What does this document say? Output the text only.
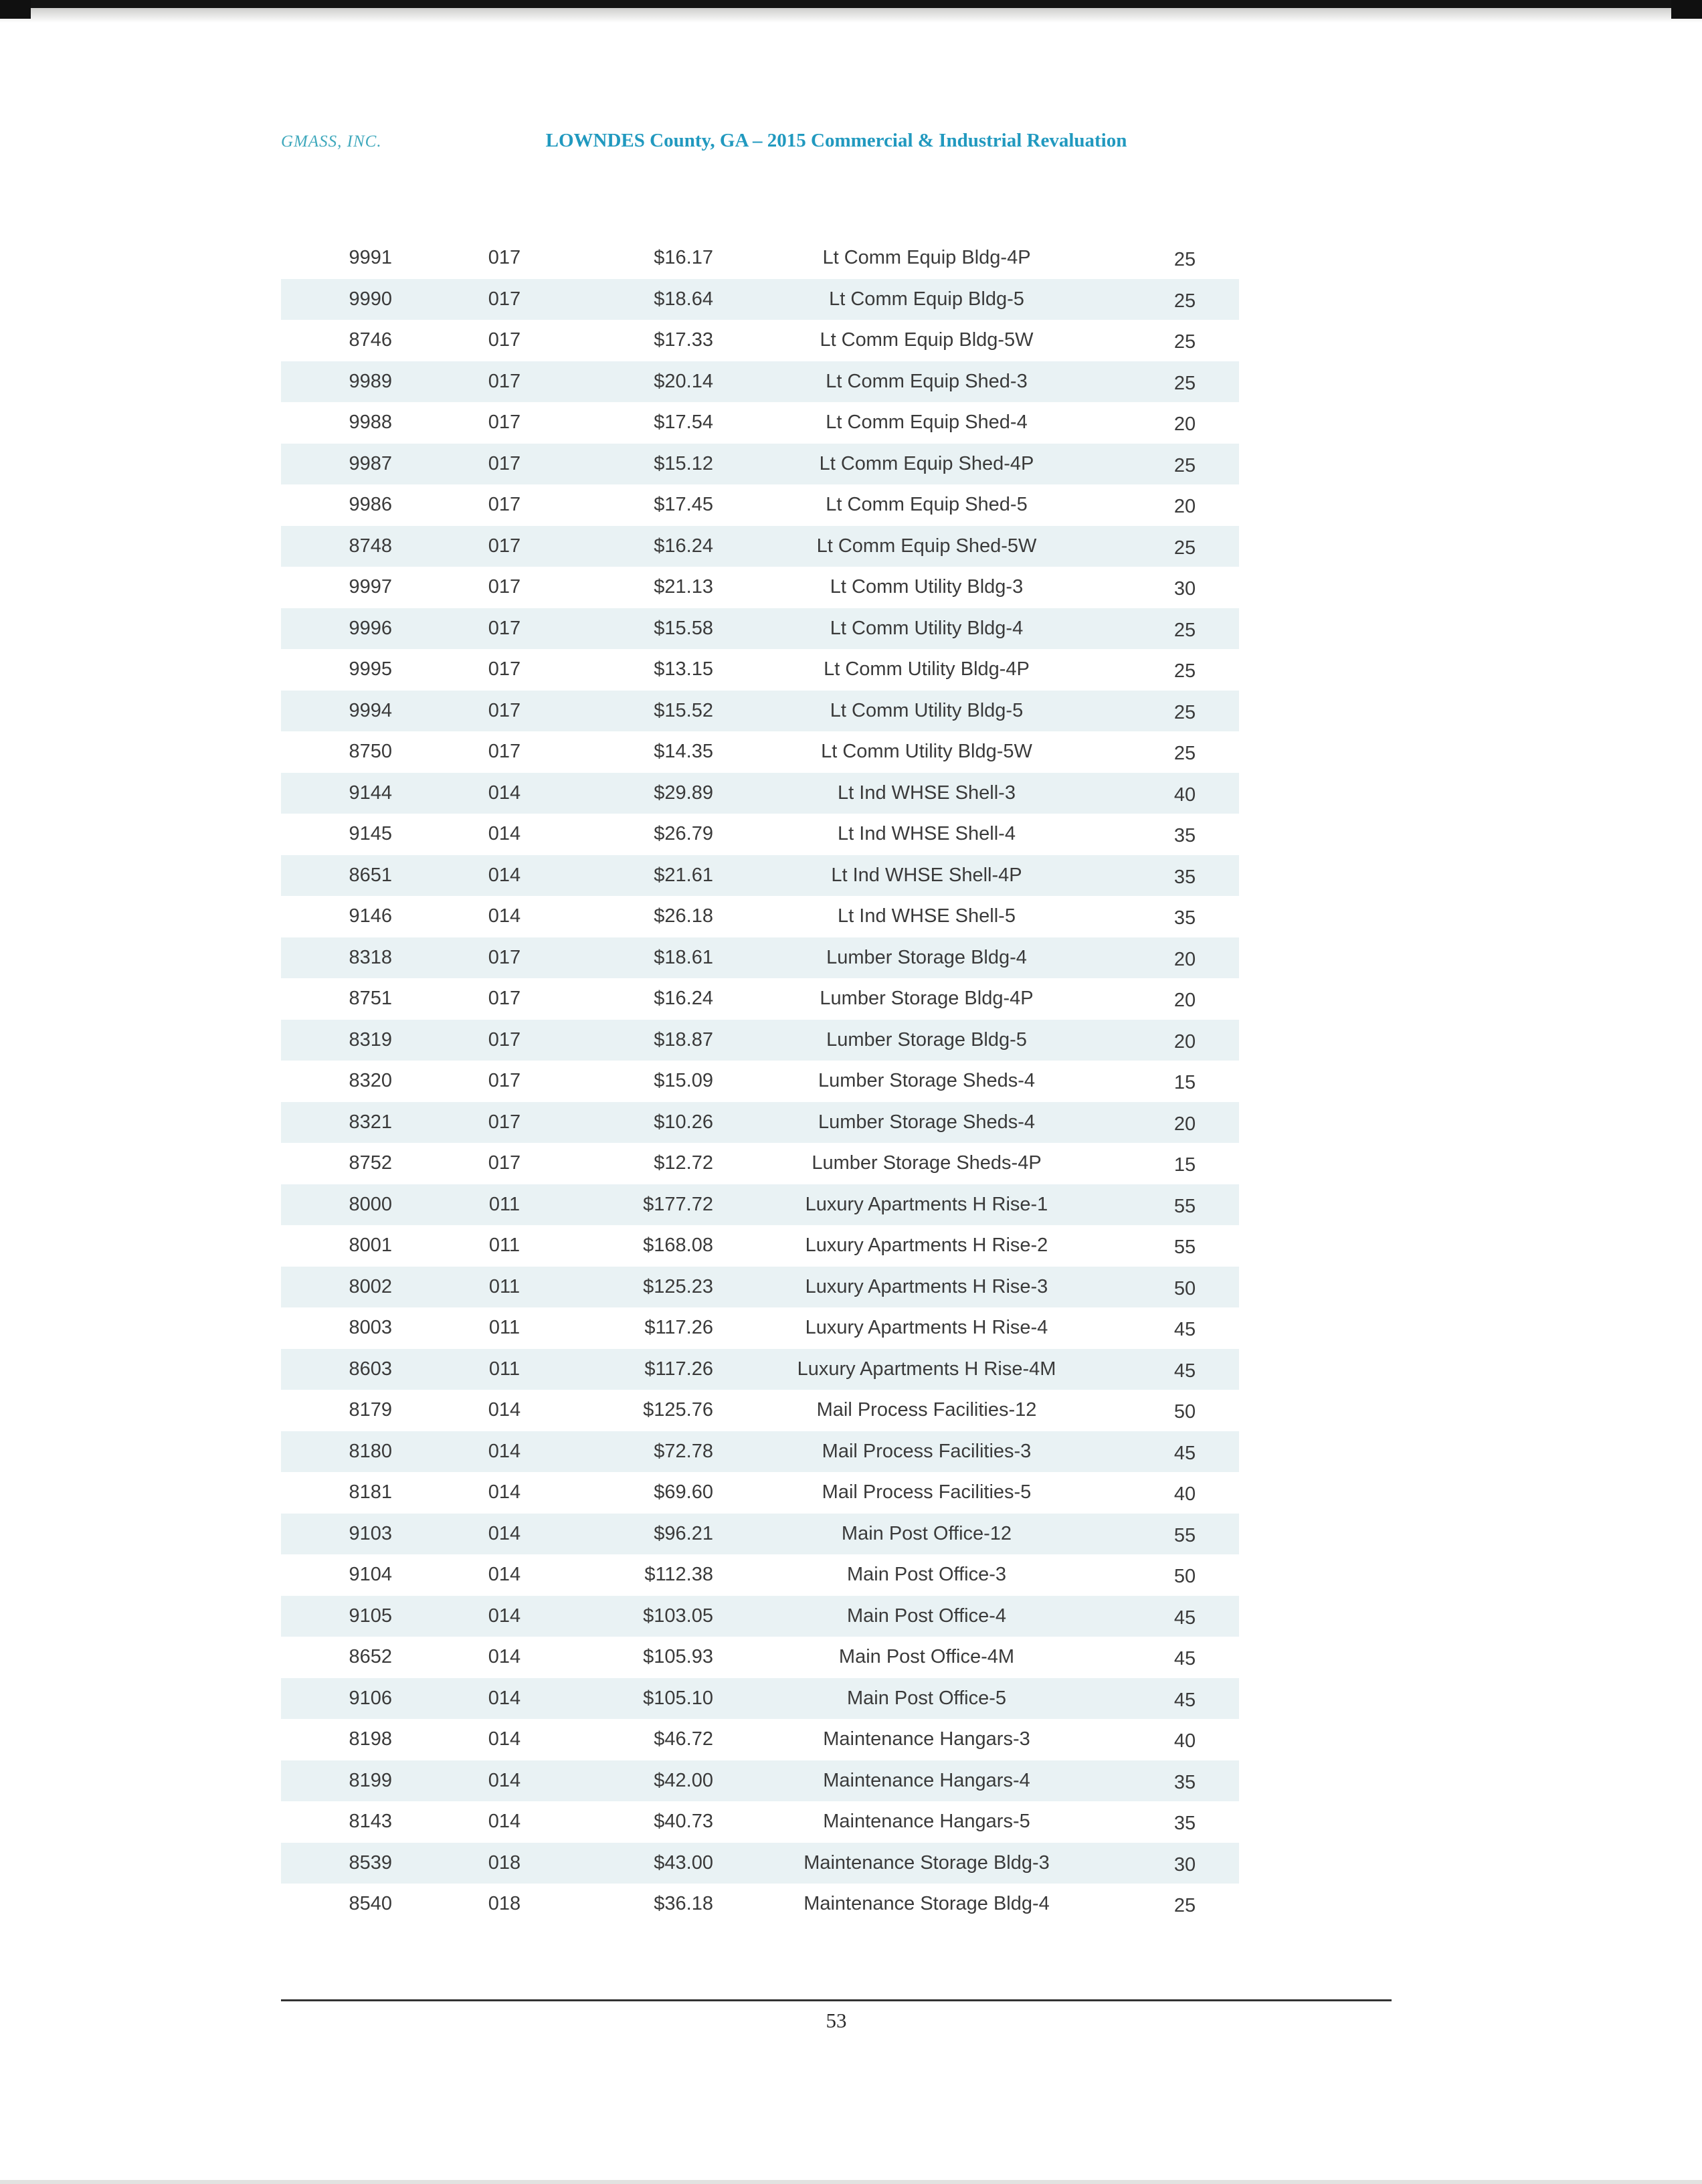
GMASS, INC.	LOWNDES County, GA – 2015 Commercial & Industrial Revaluation
9991	017	$16.17	Lt Comm Equip Bldg-4P	25
9990	017	$18.64	Lt Comm Equip Bldg-5	25
8746	017	$17.33	Lt Comm Equip Bldg-5W	25
9989	017	$20.14	Lt Comm Equip Shed-3	25
9988	017	$17.54	Lt Comm Equip Shed-4	20
9987	017	$15.12	Lt Comm Equip Shed-4P	25
9986	017	$17.45	Lt Comm Equip Shed-5	20
8748	017	$16.24	Lt Comm Equip Shed-5W	25
9997	017	$21.13	Lt Comm Utility Bldg-3	30
9996	017	$15.58	Lt Comm Utility Bldg-4	25
9995	017	$13.15	Lt Comm Utility Bldg-4P	25
9994	017	$15.52	Lt Comm Utility Bldg-5	25
8750	017	$14.35	Lt Comm Utility Bldg-5W	25
9144	014	$29.89	Lt Ind WHSE Shell-3	40
9145	014	$26.79	Lt Ind WHSE Shell-4	35
8651	014	$21.61	Lt Ind WHSE Shell-4P	35
9146	014	$26.18	Lt Ind WHSE Shell-5	35
8318	017	$18.61	Lumber Storage Bldg-4	20
8751	017	$16.24	Lumber Storage Bldg-4P	20
8319	017	$18.87	Lumber Storage Bldg-5	20
8320	017	$15.09	Lumber Storage Sheds-4	15
8321	017	$10.26	Lumber Storage Sheds-4	20
8752	017	$12.72	Lumber Storage Sheds-4P	15
8000	011	$177.72	Luxury Apartments H Rise-1	55
8001	011	$168.08	Luxury Apartments H Rise-2	55
8002	011	$125.23	Luxury Apartments H Rise-3	50
8003	011	$117.26	Luxury Apartments H Rise-4	45
8603	011	$117.26	Luxury Apartments H Rise-4M	45
8179	014	$125.76	Mail Process Facilities-12	50
8180	014	$72.78	Mail Process Facilities-3	45
8181	014	$69.60	Mail Process Facilities-5	40
9103	014	$96.21	Main Post Office-12	55
9104	014	$112.38	Main Post Office-3	50
9105	014	$103.05	Main Post Office-4	45
8652	014	$105.93	Main Post Office-4M	45
9106	014	$105.10	Main Post Office-5	45
8198	014	$46.72	Maintenance Hangars-3	40
8199	014	$42.00	Maintenance Hangars-4	35
8143	014	$40.73	Maintenance Hangars-5	35
8539	018	$43.00	Maintenance Storage Bldg-3	30
8540	018	$36.18	Maintenance Storage Bldg-4	25
53
